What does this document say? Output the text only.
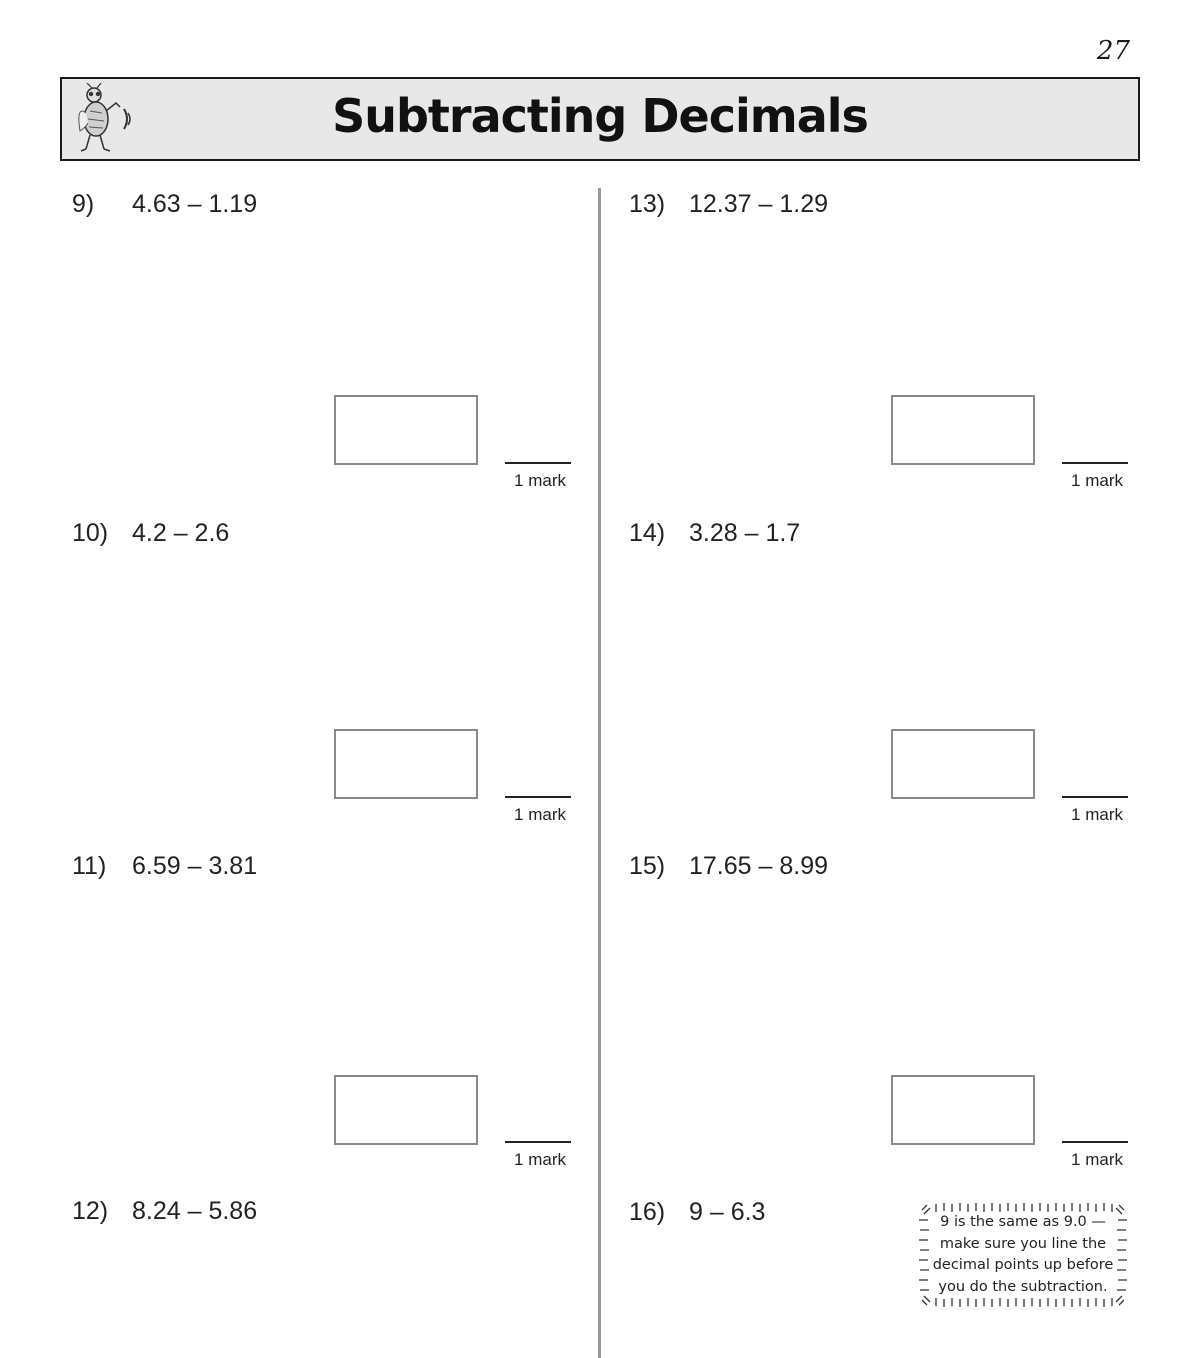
27
Subtracting Decimals
9) 4.63 – 1.19
1 mark
10) 4.2 – 2.6
1 mark
11) 6.59 – 3.81
1 mark
12) 8.24 – 5.86
13) 12.37 – 1.29
1 mark
14) 3.28 – 1.7
1 mark
15) 17.65 – 8.99
1 mark
16) 9 – 6.3	9 is the same as 9.0 —
make sure you line the
decimal points up before
you do the subtraction.
